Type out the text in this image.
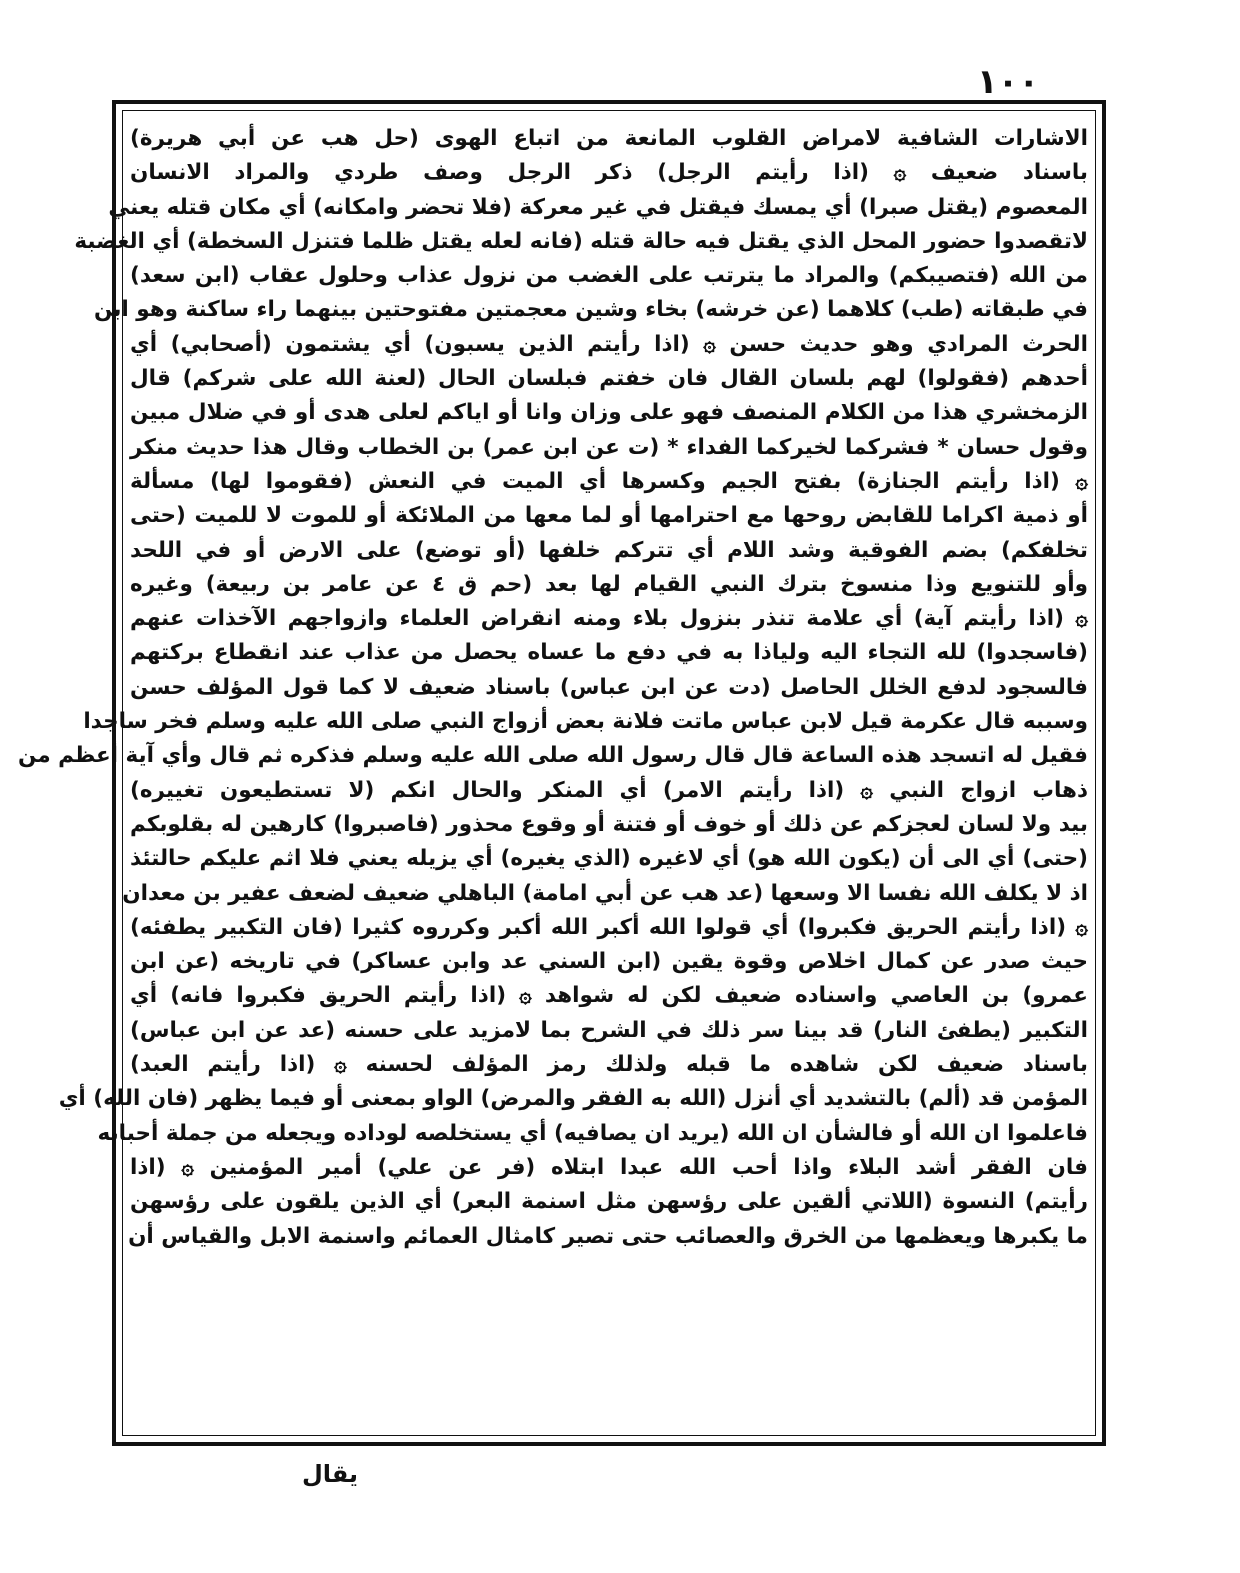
١٠٠
الاشارات الشافية لامراض القلوب المانعة من اتباع الهوى (حل هب عن أبي هريرة)
باسناد ضعيف ۞ (اذا رأيتم الرجل) ذكر الرجل وصف طردي والمراد الانسان
المعصوم (يقتل صبرا) أي يمسك فيقتل في غير معركة (فلا تحضر وامكانه) أي مكان قتله يعني
لاتقصدوا حضور المحل الذي يقتل فيه حالة قتله (فانه لعله يقتل ظلما فتنزل السخطة) أي الغضبة
من الله (فتصيبكم) والمراد ما يترتب على الغضب من نزول عذاب وحلول عقاب (ابن سعد)
في طبقاته (طب) كلاهما (عن خرشه) بخاء وشين معجمتين مفتوحتين بينهما راء ساكنة وهو ابن
الحرث المرادي وهو حديث حسن ۞ (اذا رأيتم الذين يسبون) أي يشتمون (أصحابي) أي
أحدهم (فقولوا) لهم بلسان القال فان خفتم فبلسان الحال (لعنة الله على شركم) قال
الزمخشري هذا من الكلام المنصف فهو على وزان وانا أو اياكم لعلى هدى أو في ضلال مبين
وقول حسان * فشركما لخيركما الفداء * (ت عن ابن عمر) بن الخطاب وقال هذا حديث منكر
۞ (اذا رأيتم الجنازة) بفتح الجيم وكسرها أي الميت في النعش (فقوموا لها) مسألة
أو ذمية اكراما للقابض روحها مع احترامها أو لما معها من الملائكة أو للموت لا للميت (حتى
تخلفكم) بضم الفوقية وشد اللام أي تتركم خلفها (أو توضع) على الارض أو في اللحد
وأو للتنويع وذا منسوخ بترك النبي القيام لها بعد (حم ق ٤ عن عامر بن ربيعة) وغيره
۞ (اذا رأيتم آية) أي علامة تنذر بنزول بلاء ومنه انقراض العلماء وازواجهم الآخذات عنهم
(فاسجدوا) لله التجاء اليه ولياذا به في دفع ما عساه يحصل من عذاب عند انقطاع بركتهم
فالسجود لدفع الخلل الحاصل (دت عن ابن عباس) باسناد ضعيف لا كما قول المؤلف حسن
وسببه قال عكرمة قيل لابن عباس ماتت فلانة بعض أزواج النبي صلى الله عليه وسلم فخر ساجدا
فقيل له اتسجد هذه الساعة قال قال رسول الله صلى الله عليه وسلم فذكره ثم قال وأي آية أعظم من
ذهاب ازواج النبي ۞ (اذا رأيتم الامر) أي المنكر والحال انكم (لا تستطيعون تغييره)
بيد ولا لسان لعجزكم عن ذلك أو خوف أو فتنة أو وقوع محذور (فاصبروا) كارهين له بقلوبكم
(حتى) أي الى أن (يكون الله هو) أي لاغيره (الذي يغيره) أي يزيله يعني فلا اثم عليكم حالتئذ
اذ لا يكلف الله نفسا الا وسعها (عد هب عن أبي امامة) الباهلي ضعيف لضعف عفير بن معدان
۞ (اذا رأيتم الحريق فكبروا) أي قولوا الله أكبر الله أكبر وكرروه كثيرا (فان التكبير يطفئه)
حيث صدر عن كمال اخلاص وقوة يقين (ابن السني عد وابن عساكر) في تاريخه (عن ابن
عمرو) بن العاصي واسناده ضعيف لكن له شواهد ۞ (اذا رأيتم الحريق فكبروا فانه) أي
التكبير (يطفئ النار) قد بينا سر ذلك في الشرح بما لامزيد على حسنه (عد عن ابن عباس)
باسناد ضعيف لكن شاهده ما قبله ولذلك رمز المؤلف لحسنه ۞ (اذا رأيتم العبد)
المؤمن قد (ألم) بالتشديد أي أنزل (الله به الفقر والمرض) الواو بمعنى أو فيما يظهر (فان الله) أي
فاعلموا ان الله أو فالشأن ان الله (يريد ان يصافيه) أي يستخلصه لوداده ويجعله من جملة أحبابه
فان الفقر أشد البلاء واذا أحب الله عبدا ابتلاه (فر عن علي) أمير المؤمنين ۞ (اذا
رأيتم) النسوة (اللاتي ألقين على رؤسهن مثل اسنمة البعر) أي الذين يلقون على رؤسهن
ما يكبرها ويعظمها من الخرق والعصائب حتى تصير كامثال العمائم واسنمة الابل والقياس أن
يقال
